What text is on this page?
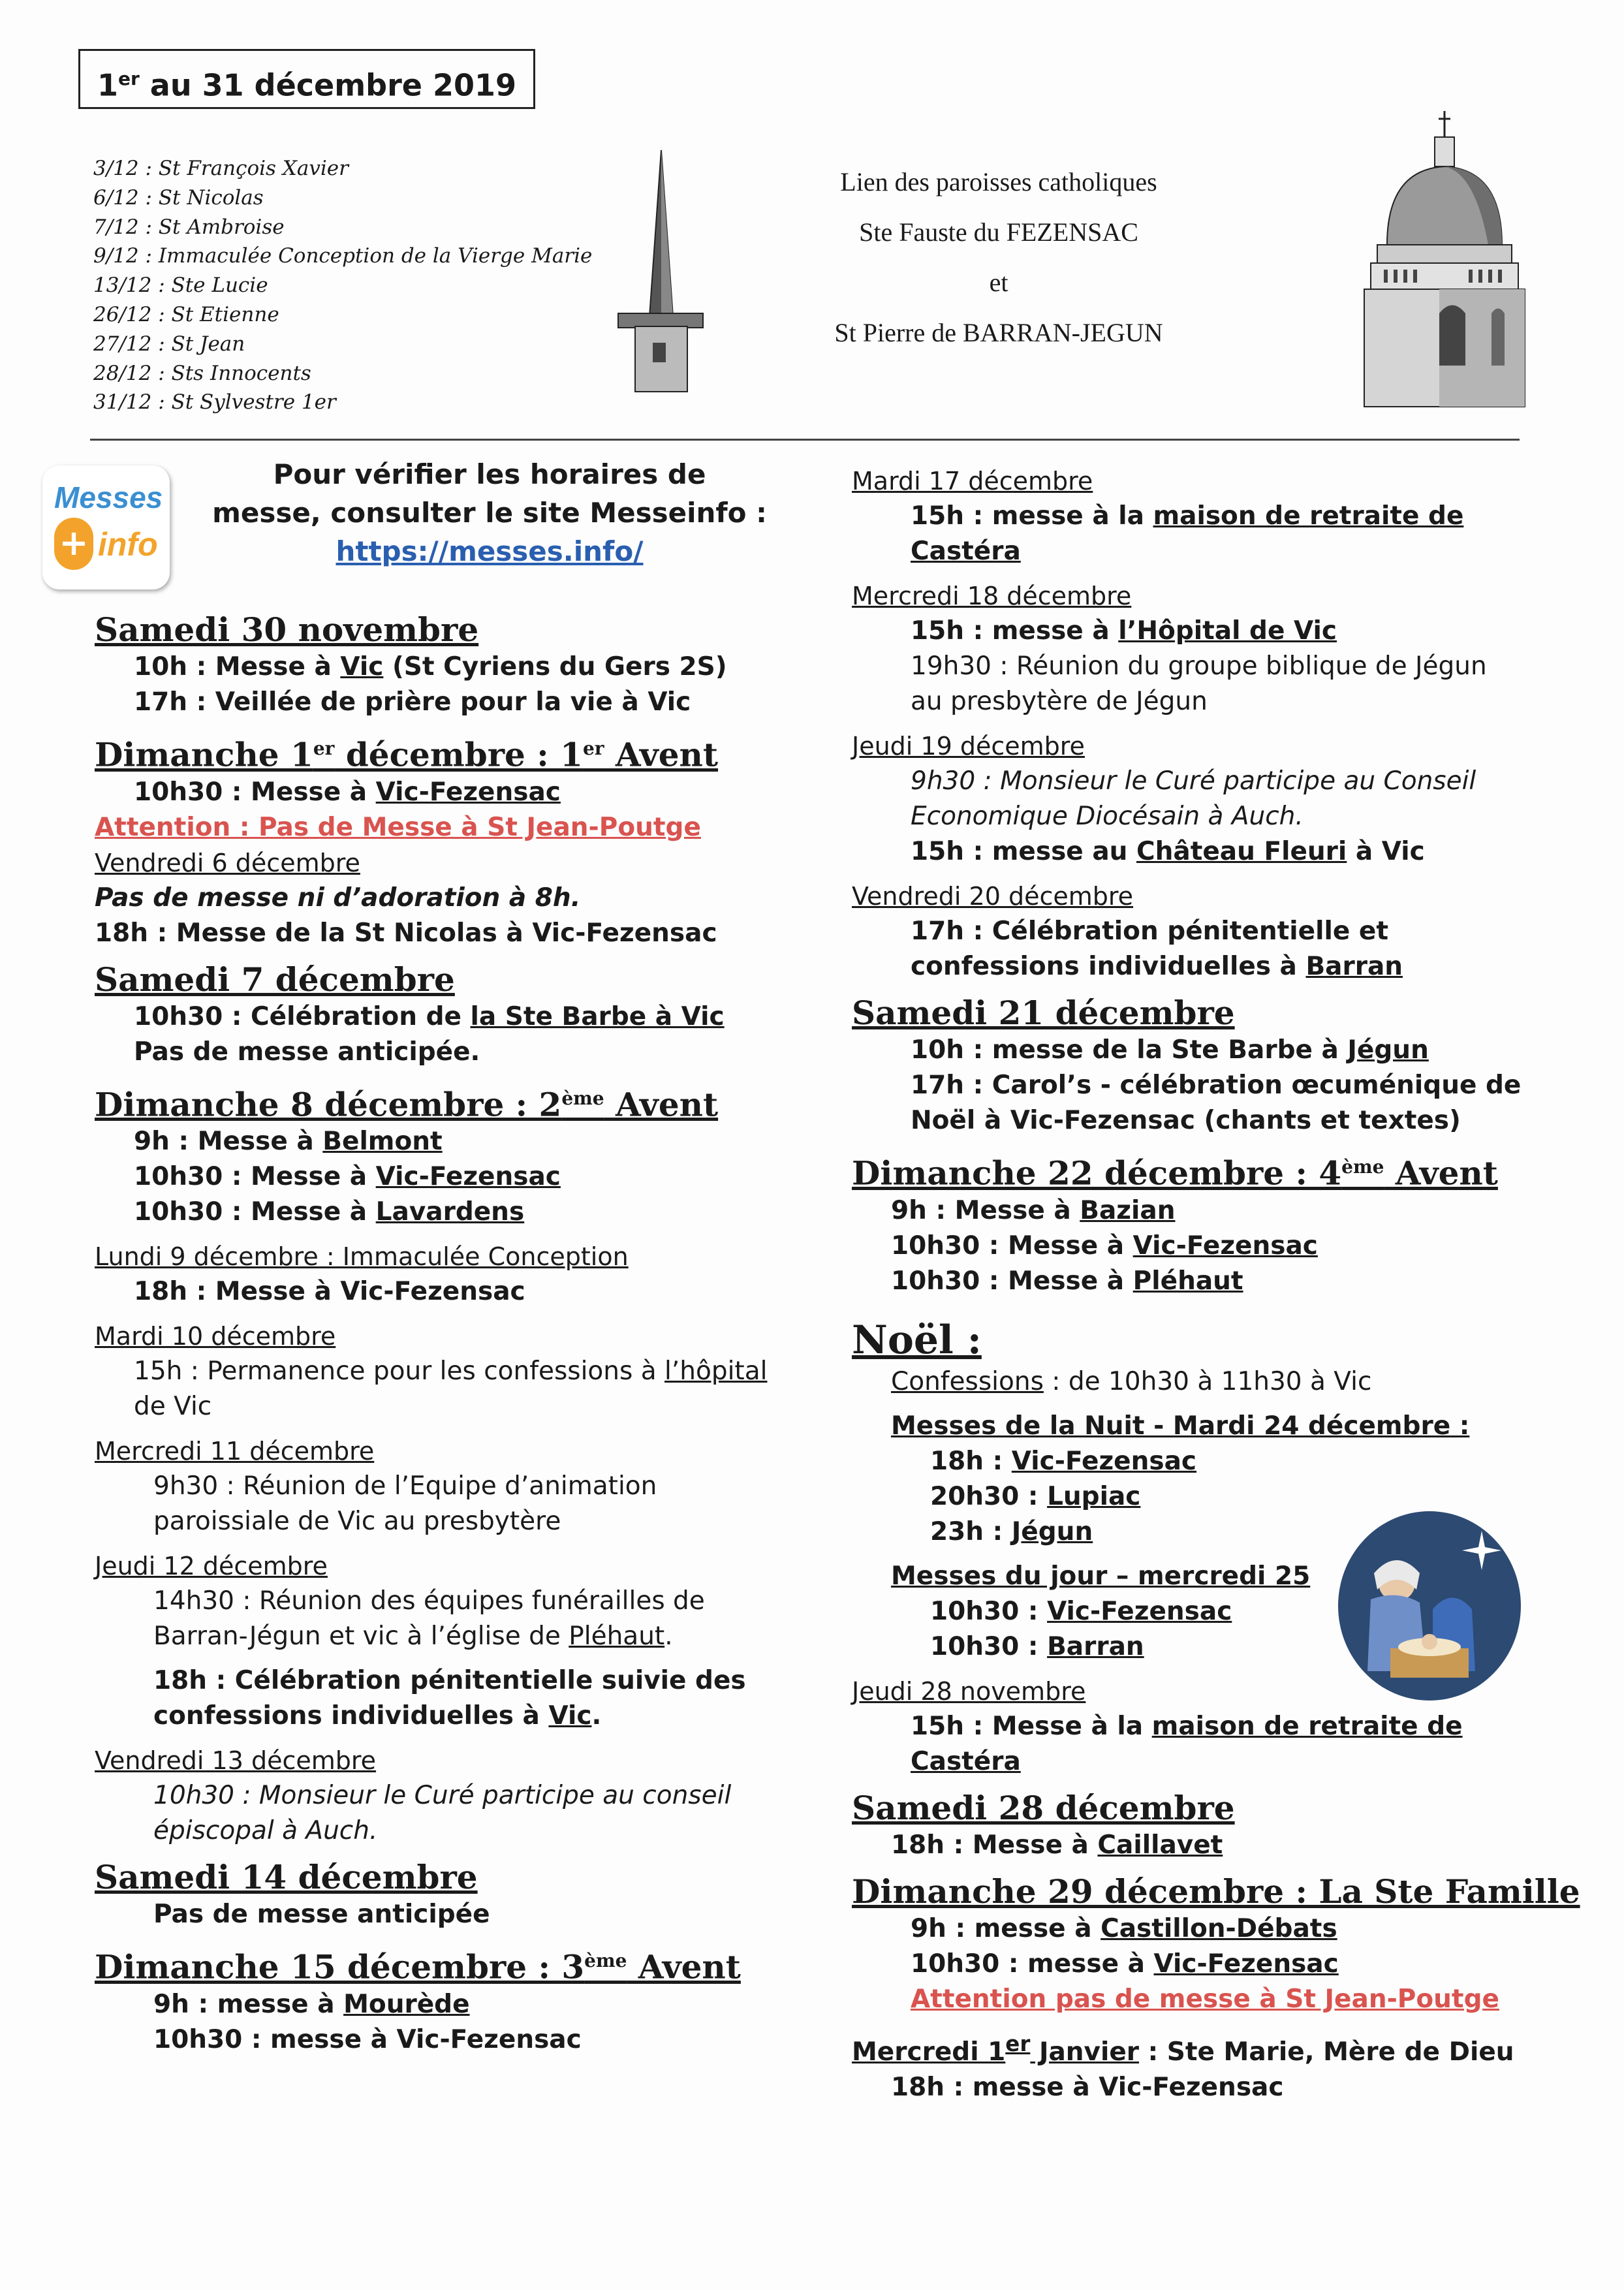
1er au 31 décembre 2019
3/12 : St François Xavier
6/12 : St Nicolas
7/12 : St Ambroise
9/12 : Immaculée Conception de la Vierge Marie
13/12 : Ste Lucie
26/12 : St Etienne
27/12 : St Jean
28/12 : Sts Innocents
31/12 : St Sylvestre 1er
Lien des paroisses catholiques
Ste Fauste du FEZENSAC
et
St Pierre de BARRAN-JEGUN
Messes
+ info
Pour vérifier les horaires de
messe, consulter le site Messeinfo :
https://messes.info/
Samedi 30 novembre
10h : Messe à Vic (St Cyriens du Gers 2S)
17h : Veillée de prière pour la vie à Vic
Dimanche 1er décembre : 1er Avent
10h30 : Messe à Vic-Fezensac
Attention : Pas de Messe à St Jean-Poutge
Vendredi 6 décembre
Pas de messe ni d’adoration à 8h.
18h : Messe de la St Nicolas à Vic-Fezensac
Samedi 7 décembre
10h30 : Célébration de la Ste Barbe à Vic
Pas de messe anticipée.
Dimanche 8 décembre : 2ème Avent
9h : Messe à Belmont
10h30 : Messe à Vic-Fezensac
10h30 : Messe à Lavardens
Lundi 9 décembre : Immaculée Conception
18h : Messe à Vic-Fezensac
Mardi 10 décembre
15h : Permanence pour les confessions à l’hôpital
de Vic
Mercredi 11 décembre
9h30 : Réunion de l’Equipe d’animation
paroissiale de Vic au presbytère
Jeudi 12 décembre
14h30 : Réunion des équipes funérailles de
Barran-Jégun et vic à l’église de Pléhaut.
18h : Célébration pénitentielle suivie des
confessions individuelles à Vic.
Vendredi 13 décembre
10h30 : Monsieur le Curé participe au conseil
épiscopal à Auch.
Samedi 14 décembre
Pas de messe anticipée
Dimanche 15 décembre : 3ème Avent
9h : messe à Mourède
10h30 : messe à Vic-Fezensac
Mardi 17 décembre
15h : messe à la maison de retraite de
Castéra
Mercredi 18 décembre
15h : messe à l’Hôpital de Vic
19h30 : Réunion du groupe biblique de Jégun
au presbytère de Jégun
Jeudi 19 décembre
9h30 : Monsieur le Curé participe au Conseil
Economique Diocésain à Auch.
15h : messe au Château Fleuri à Vic
Vendredi 20 décembre
17h : Célébration pénitentielle et
confessions individuelles à Barran
Samedi 21 décembre
10h : messe de la Ste Barbe à Jégun
17h : Carol’s - célébration œcuménique de
Noël à Vic-Fezensac (chants et textes)
Dimanche 22 décembre : 4ème Avent
9h : Messe à Bazian
10h30 : Messe à Vic-Fezensac
10h30 : Messe à Pléhaut
Noël :
Confessions : de 10h30 à 11h30 à Vic
Messes de la Nuit - Mardi 24 décembre :
18h : Vic-Fezensac
20h30 : Lupiac
23h : Jégun
Messes du jour – mercredi 25
10h30 : Vic-Fezensac
10h30 : Barran
Jeudi 28 novembre
15h : Messe à la maison de retraite de Castéra
Samedi 28 décembre
18h : Messe à Caillavet
Dimanche 29 décembre : La Ste Famille
9h : messe à Castillon-Débats
10h30 : messe à Vic-Fezensac
Attention pas de messe à St Jean-Poutge
Mercredi 1er Janvier : Ste Marie, Mère de Dieu
18h : messe à Vic-Fezensac
